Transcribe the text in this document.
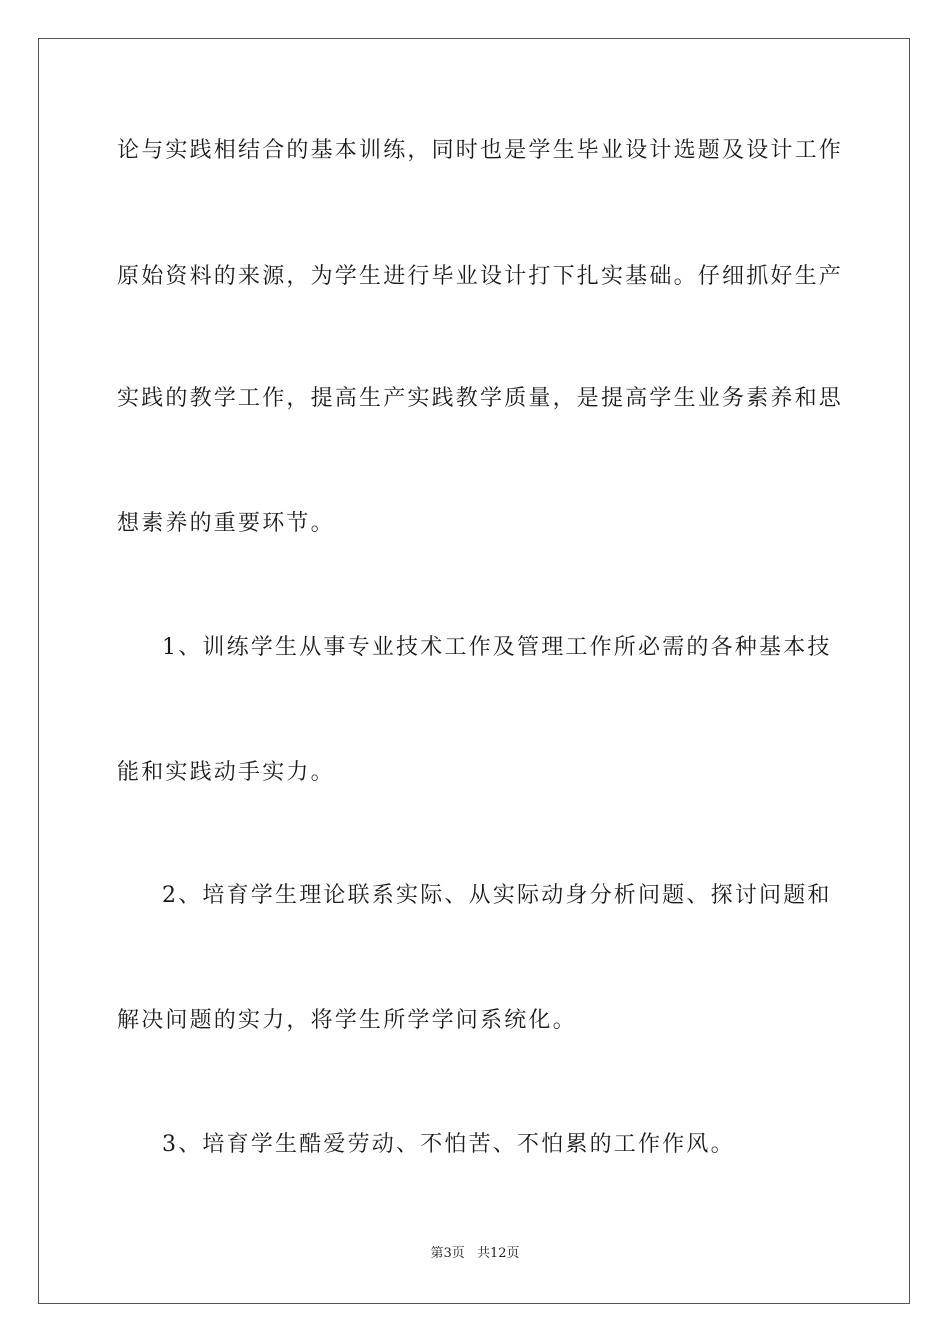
论与实践相结合的基本训练，同时也是学生毕业设计选题及设计工作
原始资料的来源，为学生进行毕业设计打下扎实基础。仔细抓好生产
实践的教学工作，提高生产实践教学质量，是提高学生业务素养和思
想素养的重要环节。
1、训练学生从事专业技术工作及管理工作所必需的各种基本技
能和实践动手实力。
2、培育学生理论联系实际、从实际动身分析问题、探讨问题和
解决问题的实力，将学生所学学问系统化。
3、培育学生酷爱劳动、不怕苦、不怕累的工作作风。
第3页 共12页
